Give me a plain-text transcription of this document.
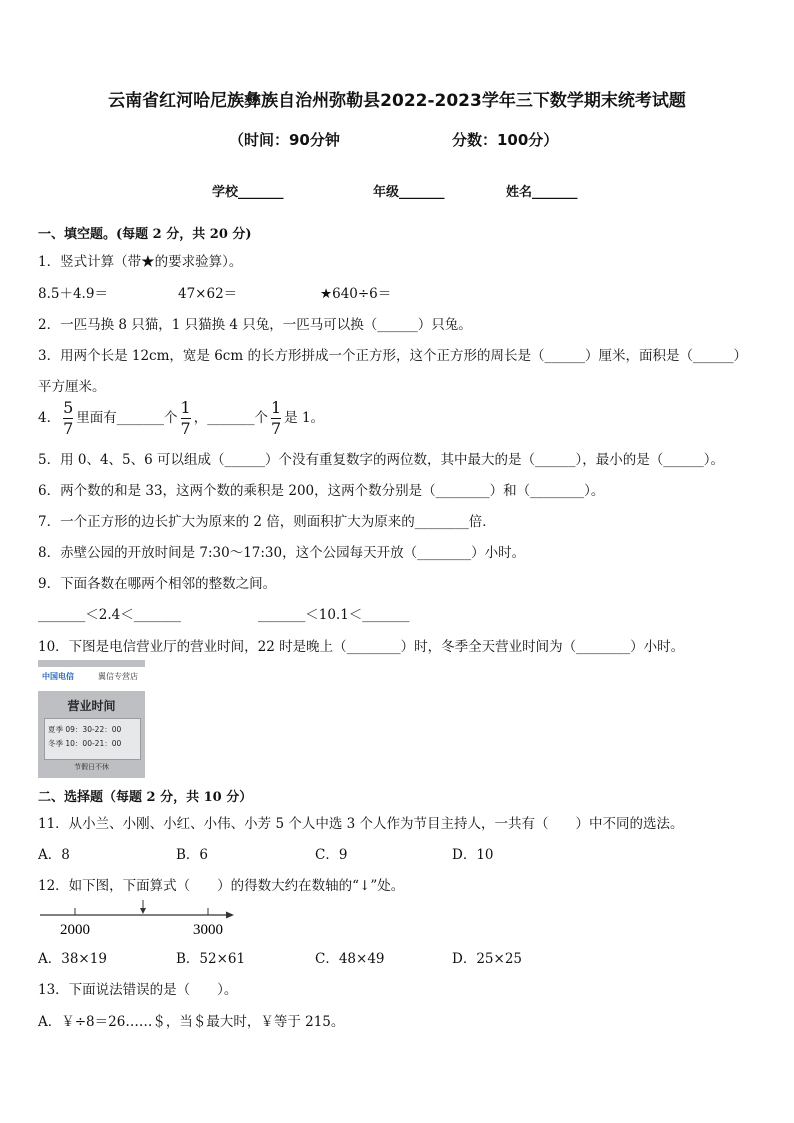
云南省红河哈尼族彝族自治州弥勒县2022-2023学年三下数学期末统考试题
（时间：90分钟	分数：100分）
学校_______	年级_______	姓名_______
一、填空题。(每题 2 分，共 20 分)
1．竖式计算（带★的要求验算）。
8.5＋4.9＝	47×62＝	★640÷6＝
2．一匹马换 8 只猫，1 只猫换 4 只兔，一匹马可以换（______）只兔。
3．用两个长是 12cm，宽是 6cm 的长方形拼成一个正方形，这个正方形的周长是（______）厘米，面积是（______）
平方厘米。
4． $\frac{5}{7}$ 里面有_______个 $\frac{1}{7}$ ，_______个 $\frac{1}{7}$ 是 1。
5．用 0、4、5、6 可以组成（______）个没有重复数字的两位数，其中最大的是（______），最小的是（______）。
6．两个数的和是 33，这两个数的乘积是 200，这两个数分别是（________）和（________）。
7．一个正方形的边长扩大为原来的 2 倍，则面积扩大为原来的________倍．
8．赤壁公园的开放时间是 7:30～17:30，这个公园每天开放（________）小时。
9．下面各数在哪两个相邻的整数之间。
_______＜2.4＜_______	_______＜10.1＜_______
10．下图是电信营业厅的营业时间，22 时是晚上（________）时，冬季全天营业时间为（________）小时。
中国电信	翼信专营店
营业时间
夏季 09：30-22：00
冬季 10：00-21：00
节假日不休
二、选择题（每题 2 分，共 10 分）
11．从小兰、小刚、小红、小伟、小芳 5 个人中选 3 个人作为节目主持人，一共有（　　）中不同的选法。
A．8	B．6	C．9	D．10
12．如下图，下面算式（　　）的得数大约在数轴的“↓”处。
2000	3000
A．38×19	B．52×61	C．48×49	D．25×25
13．下面说法错误的是（　　）。
A．￥÷8＝26……＄，当＄最大时，￥等于 215。
